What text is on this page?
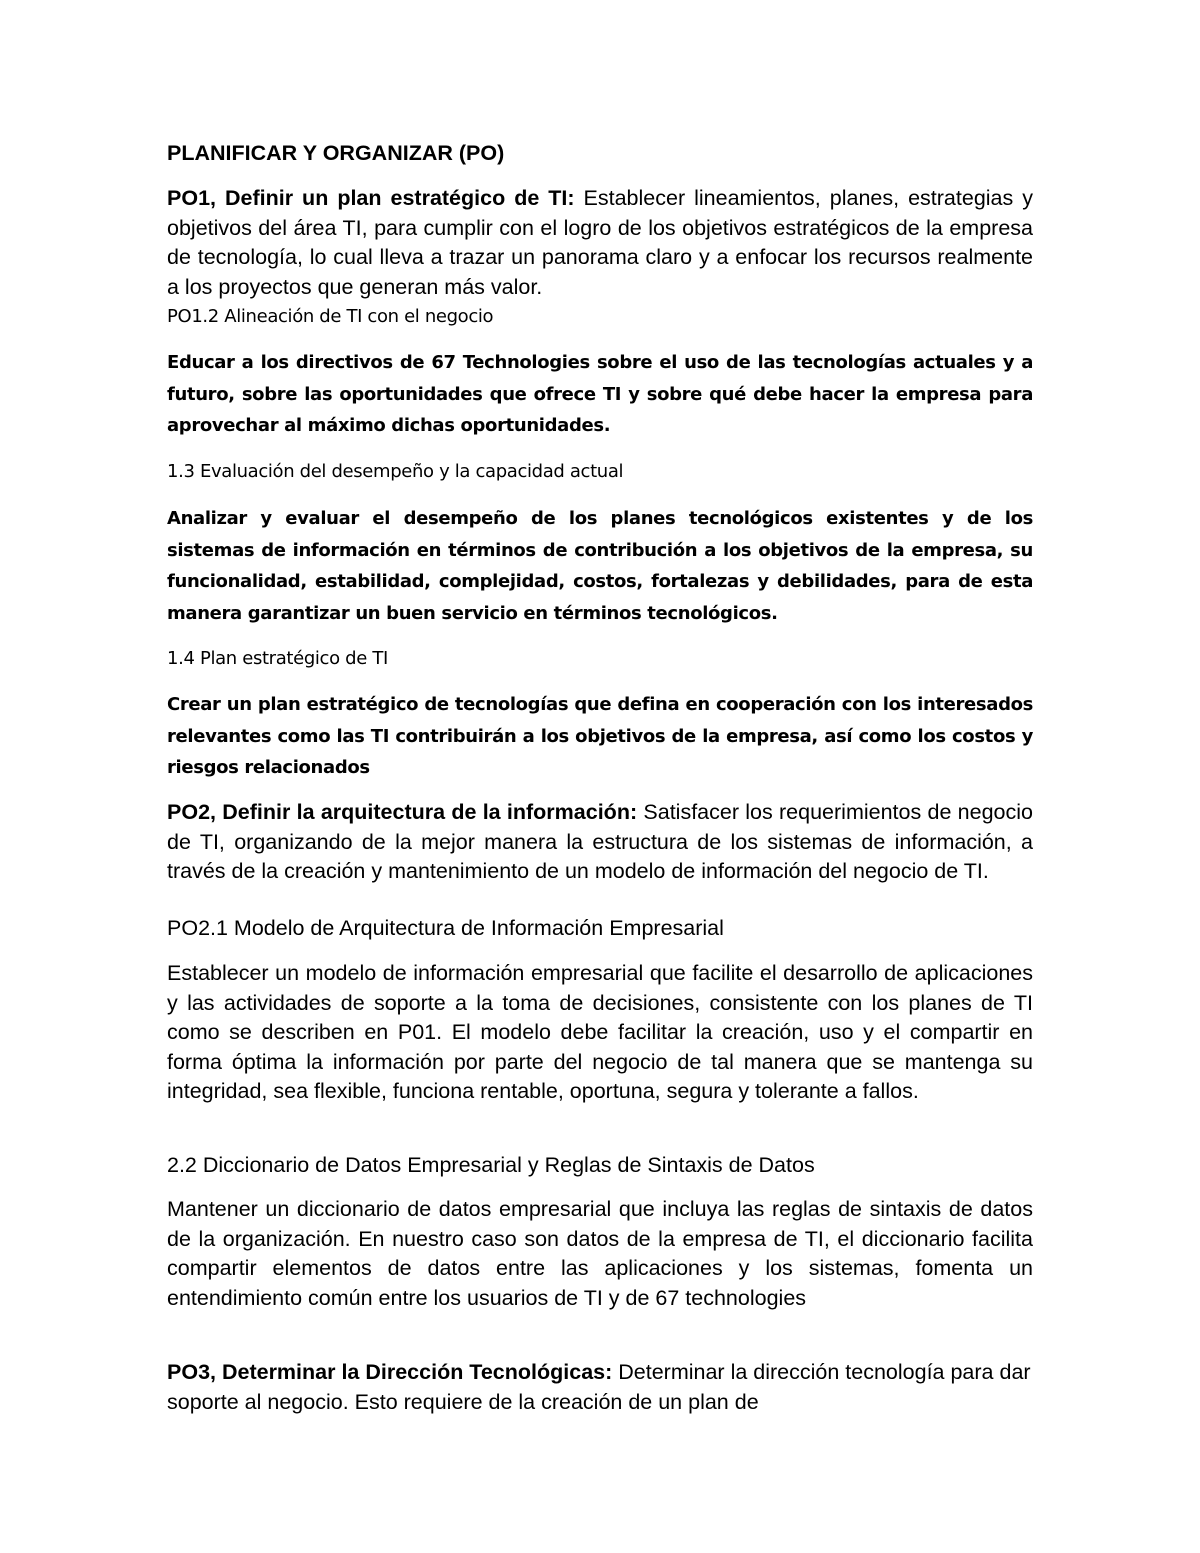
PLANIFICAR Y ORGANIZAR (PO)

PO1, Definir un plan estratégico de TI: Establecer lineamientos, planes, estrategias y objetivos del área TI, para cumplir con el logro de los objetivos estratégicos de la empresa de tecnología, lo cual lleva a trazar un panorama claro y a enfocar los recursos realmente a los proyectos que generan más valor.

PO1.2 Alineación de TI con el negocio

Educar a los directivos de 67 Technologies sobre el uso de las tecnologías actuales y a futuro, sobre las oportunidades que ofrece TI y sobre qué debe hacer la empresa para aprovechar al máximo dichas oportunidades.

1.3 Evaluación del desempeño y la capacidad actual

Analizar y evaluar el desempeño de los planes tecnológicos existentes y de los sistemas de información en términos de contribución a los objetivos de la empresa, su funcionalidad, estabilidad, complejidad, costos, fortalezas y debilidades, para de esta manera garantizar un buen servicio en términos tecnológicos.

1.4 Plan estratégico de TI

Crear un plan estratégico de tecnologías que defina en cooperación con los interesados relevantes como las TI contribuirán a los objetivos de la empresa, así como los costos y riesgos relacionados

PO2, Definir la arquitectura de la información: Satisfacer los requerimientos de negocio de TI, organizando de la mejor manera la estructura de los sistemas de información, a través de la creación y mantenimiento de un modelo de información del negocio de TI.

PO2.1 Modelo de Arquitectura de Información Empresarial

Establecer un modelo de información empresarial que facilite el desarrollo de aplicaciones y las actividades de soporte a la toma de decisiones, consistente con los planes de TI como se describen en P01. El modelo debe facilitar la creación, uso y el compartir en forma óptima la información por parte del negocio de tal manera que se mantenga su integridad, sea flexible, funciona rentable, oportuna, segura y tolerante a fallos.

2.2 Diccionario de Datos Empresarial y Reglas de Sintaxis de Datos

Mantener un diccionario de datos empresarial que incluya las reglas de sintaxis de datos de la organización. En nuestro caso son datos de la empresa de TI, el diccionario facilita compartir elementos de datos entre las aplicaciones y los sistemas, fomenta un entendimiento común entre los usuarios de TI y de 67 technologies

PO3, Determinar la Dirección Tecnológicas: Determinar la dirección tecnología para dar soporte al negocio. Esto requiere de la creación de un plan de
